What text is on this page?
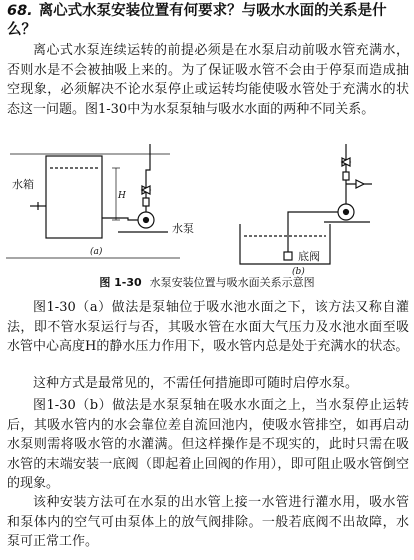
68. 离心式水泵安装位置有何要求？与吸水水面的关系是什么？
离心式水泵连续运转的前提必须是在水泵启动前吸水管充满水，否则水是不会被抽吸上来的。为了保证吸水管不会由于停泵而造成抽空现象，必须解决不论水泵停止或运转均能使吸水管处于充满水的状态这一问题。图1-30中为水泵泵轴与吸水水面的两种不同关系。
水箱
水泵
H
(a)	底阀
(b)
图 1-30 水泵安装位置与吸水面关系示意图
图1-30（a）做法是泵轴位于吸水池水面之下，该方法又称自灌法，即不管水泵运行与否，其吸水管在水面大气压力及水池水面至吸水管中心高度H的静水压力作用下，吸水管内总是处于充满水的状态。
这种方式是最常见的，不需任何措施即可随时启停水泵。
图1-30（b）做法是水泵泵轴在吸水水面之上，当水泵停止运转后，其吸水管内的水会靠位差自流回池内，使吸水管排空，如再启动水泵则需将吸水管的水灌满。但这样操作是不现实的，此时只需在吸水管的末端安装一底阀（即起着止回阀的作用），即可阻止吸水管倒空的现象。
该种安装方法可在水泵的出水管上接一水管进行灌水用，吸水管和泵体内的空气可由泵体上的放气阀排除。一般若底阀不出故障，水泵可正常工作。
